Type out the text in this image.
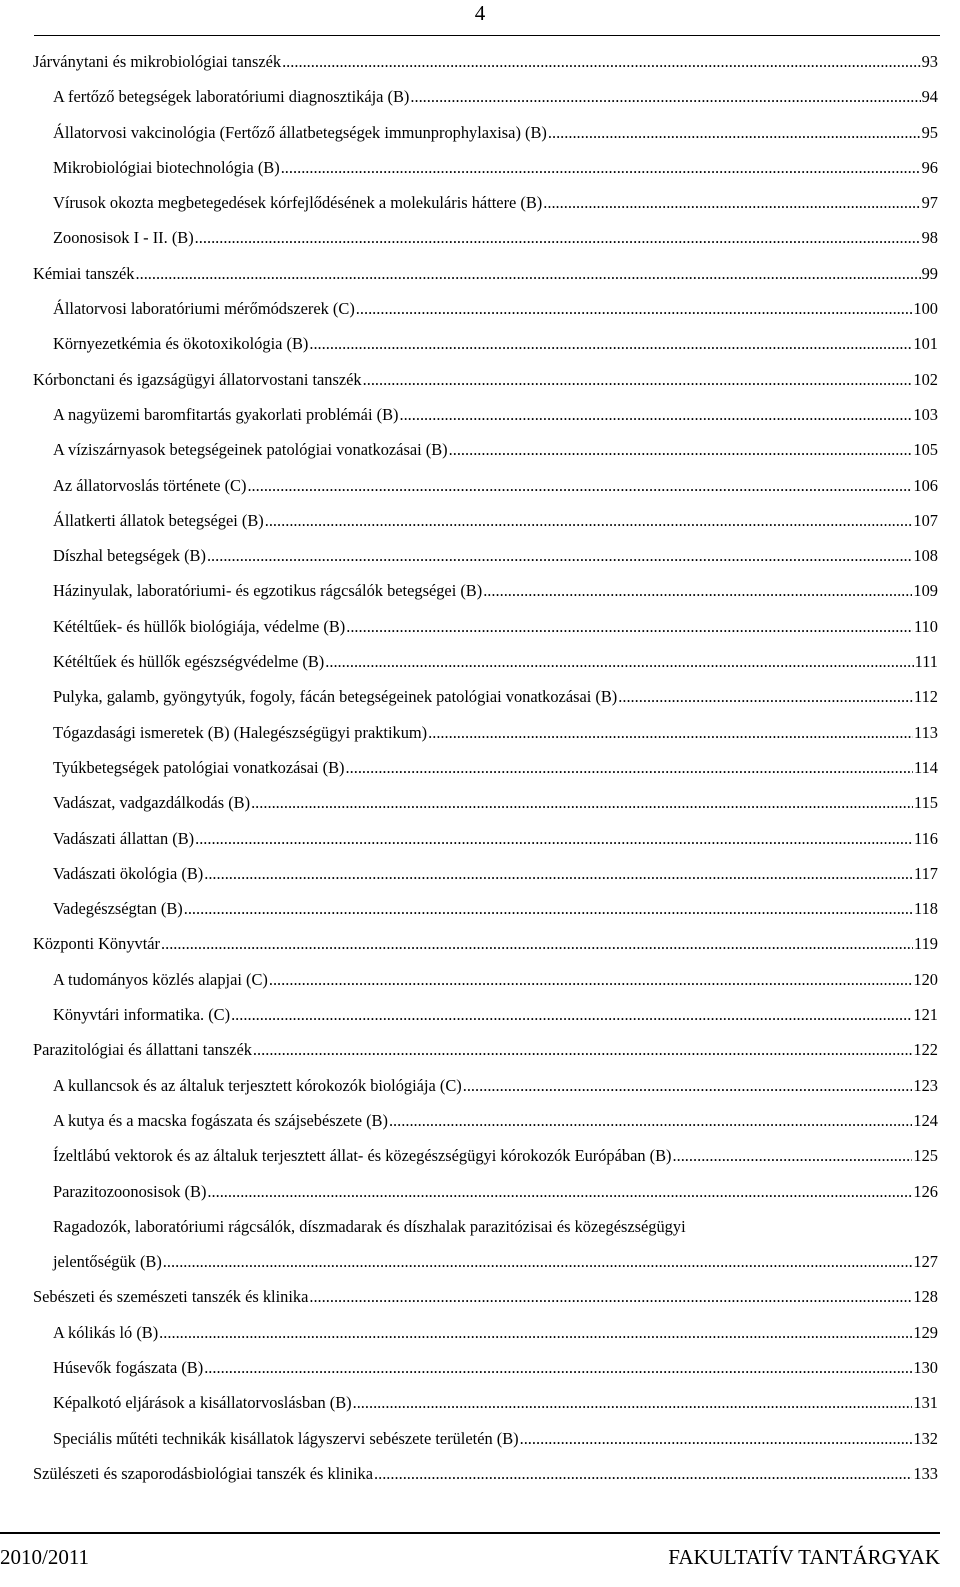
4
Járványtani és mikrobiológiai tanszék .....	93
A fertőző betegségek laboratóriumi diagnosztikája (B) .....	94
Állatorvosi vakcinológia (Fertőző állatbetegségek immunprophylaxisa) (B) .....	95
Mikrobiológiai biotechnológia (B) .....	96
Vírusok okozta megbetegedések kórfejlődésének a molekuláris háttere (B) .....	97
Zoonosisok I - II. (B) .....	98
Kémiai tanszék .....	99
Állatorvosi laboratóriumi mérőmódszerek (C) .....	100
Környezetkémia és ökotoxikológia (B) .....	101
Kórbonctani és igazságügyi állatorvostani tanszék .....	102
A nagyüzemi baromfitartás gyakorlati problémái (B) .....	103
A víziszárnyasok betegségeinek patológiai vonatkozásai (B) .....	105
Az állatorvoslás története (C) .....	106
Állatkerti állatok betegségei (B) .....	107
Díszhal betegségek (B) .....	108
Házinyulak, laboratóriumi- és egzotikus rágcsálók betegségei (B) .....	109
Kétéltűek- és hüllők biológiája, védelme (B) .....	110
Kétéltűek és hüllők egészségvédelme (B) .....	111
Pulyka, galamb, gyöngytyúk, fogoly, fácán betegségeinek patológiai vonatkozásai (B) .....	112
Tógazdasági ismeretek (B) (Halegészségügyi praktikum) .....	113
Tyúkbetegségek patológiai vonatkozásai (B) .....	114
Vadászat, vadgazdálkodás (B) .....	115
Vadászati állattan (B) .....	116
Vadászati ökológia (B) .....	117
Vadegészségtan (B) .....	118
Központi Könyvtár .....	119
A tudományos közlés alapjai (C) .....	120
Könyvtári informatika. (C) .....	121
Parazitológiai és állattani tanszék .....	122
A kullancsok és az általuk terjesztett kórokozók biológiája (C) .....	123
A kutya és a macska fogászata és szájsebészete (B) .....	124
Ízeltlábú vektorok és az általuk terjesztett állat- és közegészségügyi kórokozók Európában (B) .....	125
Parazitozoonosisok (B) .....	126
Ragadozók, laboratóriumi rágcsálók, díszmadarak és díszhalak parazitózisai és közegészségügyi
jelentőségük (B) .....	127
Sebészeti és szemészeti tanszék és klinika .....	128
A kólikás ló (B) .....	129
Húsevők fogászata (B) .....	130
Képalkotó eljárások a kisállatorvoslásban (B) .....	131
Speciális műtéti technikák kisállatok lágyszervi sebészete területén (B) .....	132
Szülészeti és szaporodásbiológiai tanszék és klinika .....	133
2010/2011	FAKULTATÍV TANTÁRGYAK
